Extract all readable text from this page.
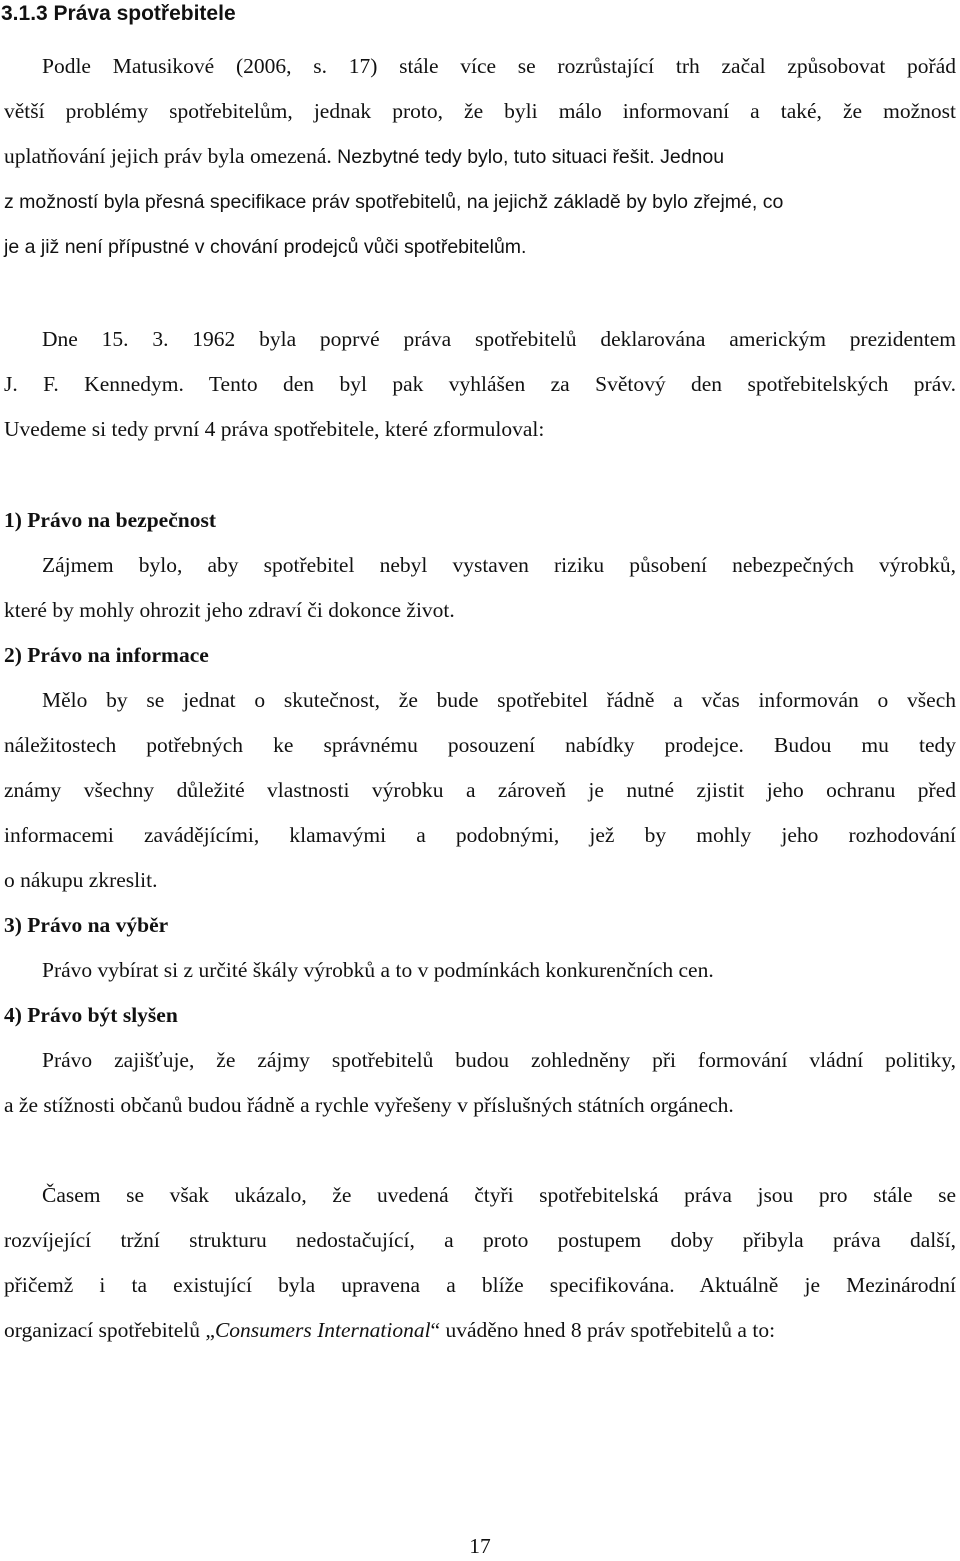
3.1.3 Práva spotřebitele

Podle Matusikové (2006, s. 17) stále více se rozrůstající trh začal způsobovat pořád
větší problémy spotřebitelům, jednak proto, že byli málo informovaní a také, že možnost
uplatňování jejich práv byla omezená. Nezbytné tedy bylo, tuto situaci řešit. Jednou
z možností byla přesná specifikace práv spotřebitelů, na jejichž základě by bylo zřejmé, co
je a již není přípustné v chování prodejců vůči spotřebitelům.

Dne 15. 3. 1962 byla poprvé práva spotřebitelů deklarována americkým prezidentem
J. F. Kennedym. Tento den byl pak vyhlášen za Světový den spotřebitelských práv.
Uvedeme si tedy první 4 práva spotřebitele, které zformuloval:

1) Právo na bezpečnost

Zájmem bylo, aby spotřebitel nebyl vystaven riziku působení nebezpečných výrobků,
které by mohly ohrozit jeho zdraví či dokonce život.

2) Právo na informace

Mělo by se jednat o skutečnost, že bude spotřebitel řádně a včas informován o všech
náležitostech potřebných ke správnému posouzení nabídky prodejce. Budou mu tedy
známy všechny důležité vlastnosti výrobku a zároveň je nutné zjistit jeho ochranu před
informacemi zavádějícími, klamavými a podobnými, jež by mohly jeho rozhodování
o nákupu zkreslit.

3) Právo na výběr

Právo vybírat si z určité škály výrobků a to v podmínkách konkurenčních cen.

4) Právo být slyšen

Právo zajišťuje, že zájmy spotřebitelů budou zohledněny při formování vládní politiky,
a že stížnosti občanů budou řádně a rychle vyřešeny v příslušných státních orgánech.

Časem se však ukázalo, že uvedená čtyři spotřebitelská práva jsou pro stále se
rozvíjející tržní strukturu nedostačující, a proto postupem doby přibyla práva další,
přičemž i ta existující byla upravena a blíže specifikována. Aktuálně je Mezinárodní
organizací spotřebitelů „Consumers International“ uváděno hned 8 práv spotřebitelů a to:

17
